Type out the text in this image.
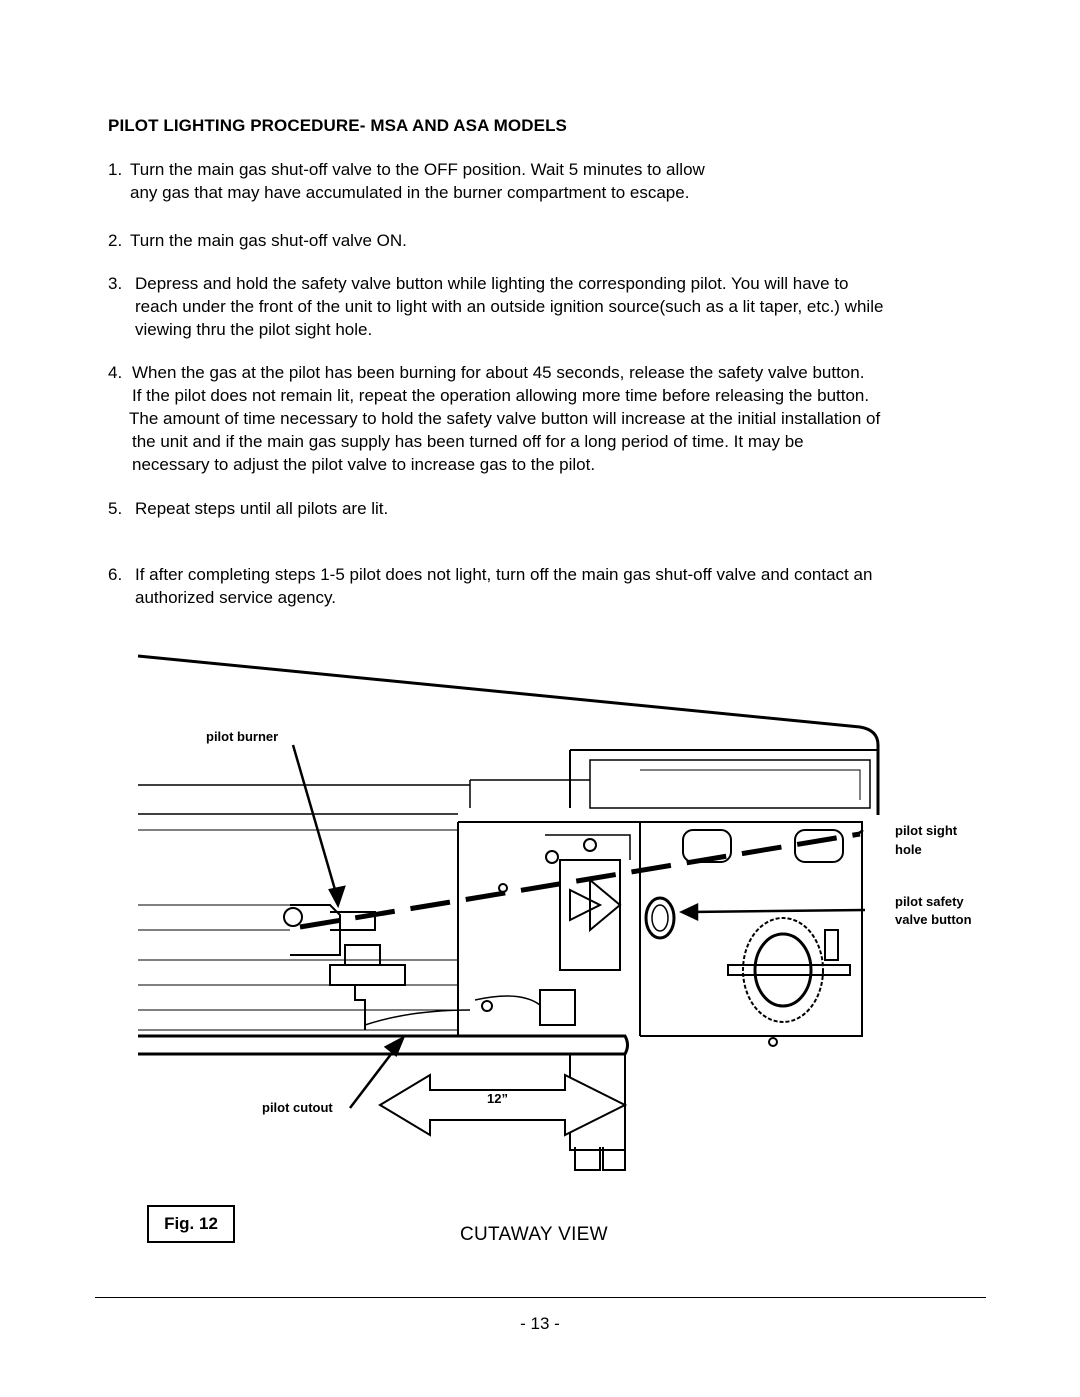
PILOT LIGHTING PROCEDURE- MSA AND ASA MODELS
1. Turn the main gas shut-off valve to the OFF position. Wait 5 minutes to allow
any gas that may have accumulated in the burner compartment to escape.
2. Turn the main gas shut-off valve ON.
3. Depress and hold the safety valve button while lighting the corresponding pilot. You will have to
reach under the front of the unit to light with an outside ignition source(such as a lit taper, etc.) while
viewing thru the pilot sight hole.
4. When the gas at the pilot has been burning for about 45 seconds, release the safety valve button.
If the pilot does not remain lit, repeat the operation allowing more time before releasing the button.
The amount of time necessary to hold the safety valve button will increase at the initial installation of
the unit and if the main gas supply has been turned off for a long period of time. It may be
necessary to adjust the pilot valve to increase gas to the pilot.
5. Repeat steps until all pilots are lit.
6. If after completing steps 1-5 pilot does not light, turn off the main gas shut-off valve and contact an
authorized service agency.
pilot burner
pilot sight
hole
pilot safety
valve button
pilot cutout
12”
Fig. 12
CUTAWAY VIEW
- 13 -
